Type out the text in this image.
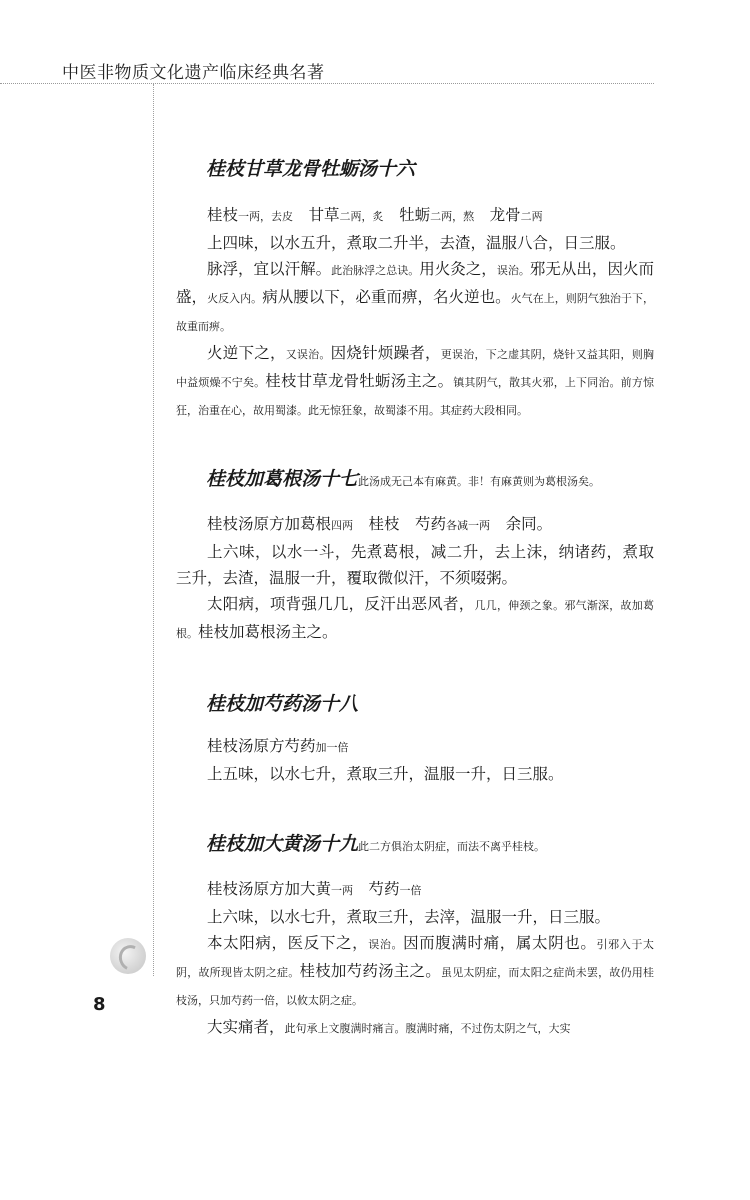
中医非物质文化遗产临床经典名著
8
桂枝甘草龙骨牡蛎汤十六

桂枝一两，去皮　 甘草二两，炙　 牡蛎二两，熬　 龙骨二两

上四味，以水五升，煮取二升半，去渣，温服八合，日三服。

脉浮，宜以汗解。此治脉浮之总诀。用火灸之，误治。邪无从出，因火而盛，火反入内。病从腰以下，必重而痹，名火逆也。火气在上，则阴气独治于下，故重而痹。

火逆下之，又误治。因烧针烦躁者，更误治，下之虚其阴，烧针又益其阳，则胸中益烦燥不宁矣。桂枝甘草龙骨牡蛎汤主之。镇其阴气，散其火邪，上下同治。前方惊狂，治重在心，故用蜀漆。此无惊狂象，故蜀漆不用。其症药大段相同。

桂枝加葛根汤十七此汤成无己本有麻黄。非！有麻黄则为葛根汤矣。

桂枝汤原方加葛根四两　 桂枝　芍药各减一两　 余同。

上六味，以水一斗，先煮葛根，减二升，去上沫，纳诸药，煮取三升，去渣，温服一升，覆取微似汗，不须啜粥。

太阳病，项背强几几，反汗出恶风者，几几，伸颈之象。邪气渐深，故加葛根。桂枝加葛根汤主之。

桂枝加芍药汤十八

桂枝汤原方芍药加一倍

上五味，以水七升，煮取三升，温服一升，日三服。

桂枝加大黄汤十九此二方俱治太阴症，而法不离乎桂枝。

桂枝汤原方加大黄一两　 芍药一倍

上六味，以水七升，煮取三升，去滓，温服一升，日三服。

本太阳病，医反下之，误治。因而腹满时痛，属太阴也。引邪入于太阴，故所现皆太阴之症。桂枝加芍药汤主之。虽见太阴症，而太阳之症尚未罢，故仍用桂枝汤，只加芍药一倍，以攸太阴之症。

大实痛者，此句承上文腹满时痛言。腹满时痛，不过伤太阴之气，大实
